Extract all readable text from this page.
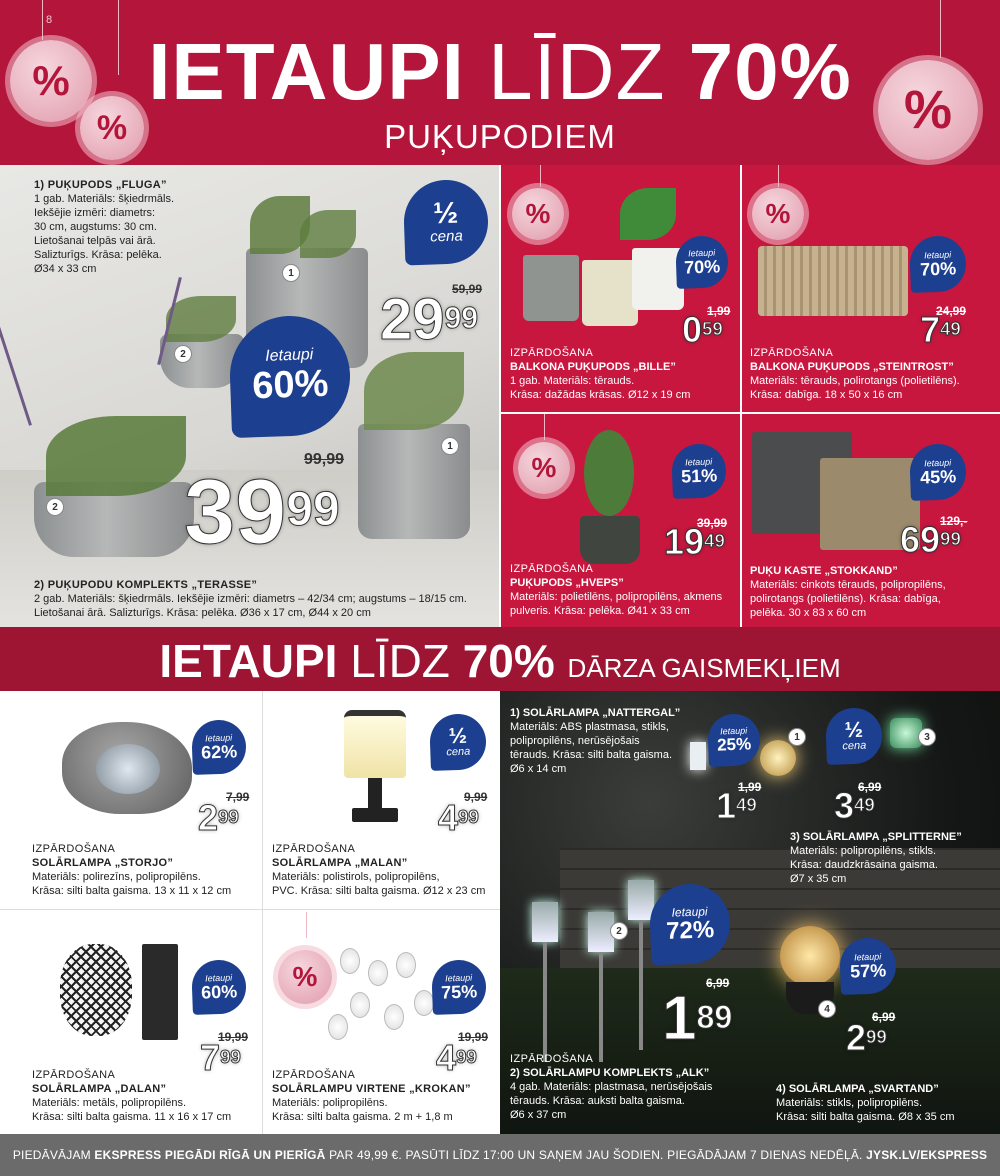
8
%
%	%
IETAUPI LĪDZ 70%
PUĶUPODIEM
1
2
1
2
1) PUĶUPODS „FLUGA”
1 gab. Materiāls: šķiedrmāls.
Iekšējie izmēri: diametrs:
30 cm, augstums: 30 cm.
Lietošanai telpās vai ārā.
Salizturīgs. Krāsa: pelēka.
Ø34 x 33 cm
½
cena
59,99
$29^{99}$
Ietaupi
60%
99,99
$39^{99}$
2) PUĶUPODU KOMPLEKTS „TERASSE”
2 gab. Materiāls: šķiedrmāls. Iekšējie izmēri: diametrs – 42/34 cm; augstums – 18/15 cm.
Lietošanai ārā. Salizturīgs. Krāsa: pelēka. Ø36 x 17 cm, Ø44 x 20 cm
%
Ietaupi
70%
1,99
$0^{59}$
IZPĀRDOŠANA
BALKONA PUĶUPODS „BILLE”
1 gab. Materiāls: tērauds.
Krāsa: dažādas krāsas. Ø12 x 19 cm
%
Ietaupi
70%
24,99
$7^{49}$
IZPĀRDOŠANA
BALKONA PUĶUPODS „STEINTROST”
Materiāls: tērauds, polirotangs (polietilēns).
Krāsa: dabīga. 18 x 50 x 16 cm
%	Ietaupi
51%
39,99
$19^{49}$
IZPĀRDOŠANA
PUĶUPODS „HVEPS”
Materiāls: polietilēns, polipropilēns, akmens
pulveris. Krāsa: pelēka. Ø41 x 33 cm
Ietaupi
45%
129,-
$69^{99}$
PUĶU KASTE „STOKKAND”
Materiāls: cinkots tērauds, polipropilēns,
polirotangs (polietilēns). Krāsa: dabīga,
pelēka. 30 x 83 x 60 cm
IETAUPI LĪDZ 70% DĀRZA GAISMEKĻIEM
Ietaupi
62%
7,99
$2^{99}$
IZPĀRDOŠANA
SOLĀRLAMPA „STORJO”
Materiāls: polirezīns, polipropilēns.
Krāsa: silti balta gaisma. 13 x 11 x 12 cm
½
cena
9,99
$4^{99}$
IZPĀRDOŠANA
SOLĀRLAMPA „MALAN”
Materiāls: polistirols, polipropilēns,
PVC. Krāsa: silti balta gaisma. Ø12 x 23 cm
Ietaupi
60%
19,99
$7^{99}$
IZPĀRDOŠANA
SOLĀRLAMPA „DALAN”
Materiāls: metāls, polipropilēns.
Krāsa: silti balta gaisma. 11 x 16 x 17 cm
%	Ietaupi
75%
19,99
$4^{99}$
IZPĀRDOŠANA
SOLĀRLAMPU VIRTENE „KROKAN”
Materiāls: polipropilēns.
Krāsa: silti balta gaisma. 2 m + 1,8 m
1	3
2
4
1) SOLĀRLAMPA „NATTERGAL”
Materiāls: ABS plastmasa, stikls,
polipropilēns, nerūsējošais
tērauds. Krāsa: silti balta gaisma.
Ø6 x 14 cm
Ietaupi
25%
1,99
$1^{49}$
½
cena
6,99
$3^{49}$
3) SOLĀRLAMPA „SPLITTERNE”
Materiāls: polipropilēns, stikls.
Krāsa: daudzkrāsaina gaisma.
Ø7 x 35 cm
Ietaupi
72%
6,99
$1^{89}$
IZPĀRDOŠANA
2) SOLĀRLAMPU KOMPLEKTS „ALK”
4 gab. Materiāls: plastmasa, nerūsējošais
tērauds. Krāsa: auksti balta gaisma.
Ø6 x 37 cm
Ietaupi
57%
6,99
$2^{99}$
4) SOLĀRLAMPA „SVARTAND”
Materiāls: stikls, polipropilēns.
Krāsa: silti balta gaisma. Ø8 x 35 cm
PIEDĀVĀJAM EKSPRESS PIEGĀDI RĪGĀ UN PIERĪGĀ PAR 49,99 €. PASŪTI LĪDZ 17:00 UN SAŅEM JAU ŠODIEN. PIEGĀDĀJAM 7 DIENAS NEDĒĻĀ. JYSK.LV/EKSPRESS
